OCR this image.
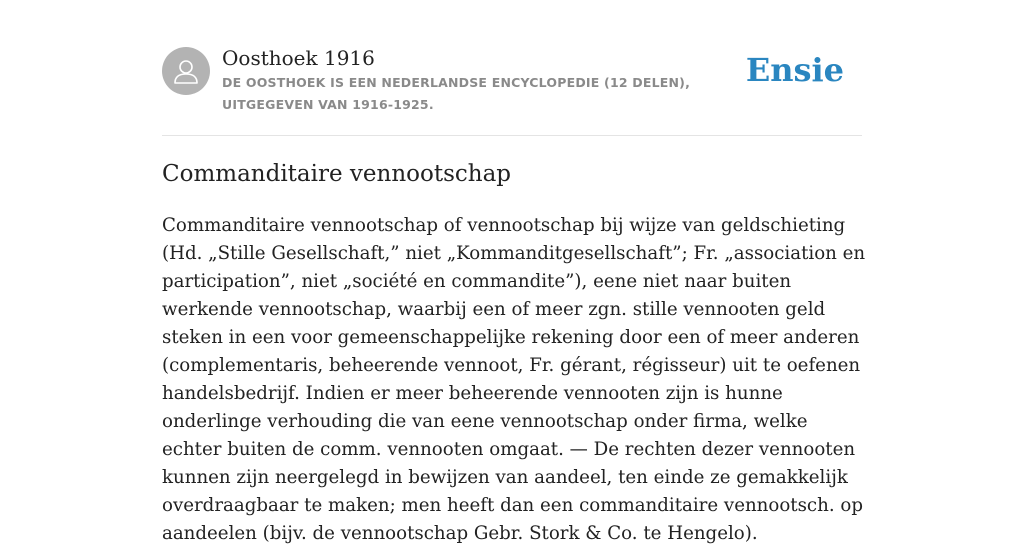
Oosthoek 1916
DE OOSTHOEK IS EEN NEDERLANDSE ENCYCLOPEDIE (12 DELEN), UITGEGEVEN VAN 1916-1925.
Ensie
Commanditaire vennootschap

Commanditaire vennootschap of vennootschap bij wijze van geldschieting (Hd. „Stille Gesellschaft,” niet „Kommanditgesellschaft”; Fr. „association en participation”, niet „société en commandite”), eene niet naar buiten werkende vennootschap, waarbij een of meer zgn. stille vennooten geld steken in een voor gemeenschappelijke rekening door een of meer anderen (complementaris, beheerende vennoot, Fr. gérant, régisseur) uit te oefenen handelsbedrijf. Indien er meer beheerende vennooten zijn is hunne onderlinge verhouding die van eene vennootschap onder firma, welke echter buiten de comm. vennooten omgaat. — De rechten dezer vennooten kunnen zijn neergelegd in bewijzen van aandeel, ten einde ze gemakkelijk overdraagbaar te maken; men heeft dan een commanditaire vennootsch. op aandeelen (bijv. de vennootschap Gebr. Stork & Co. te Hengelo).
